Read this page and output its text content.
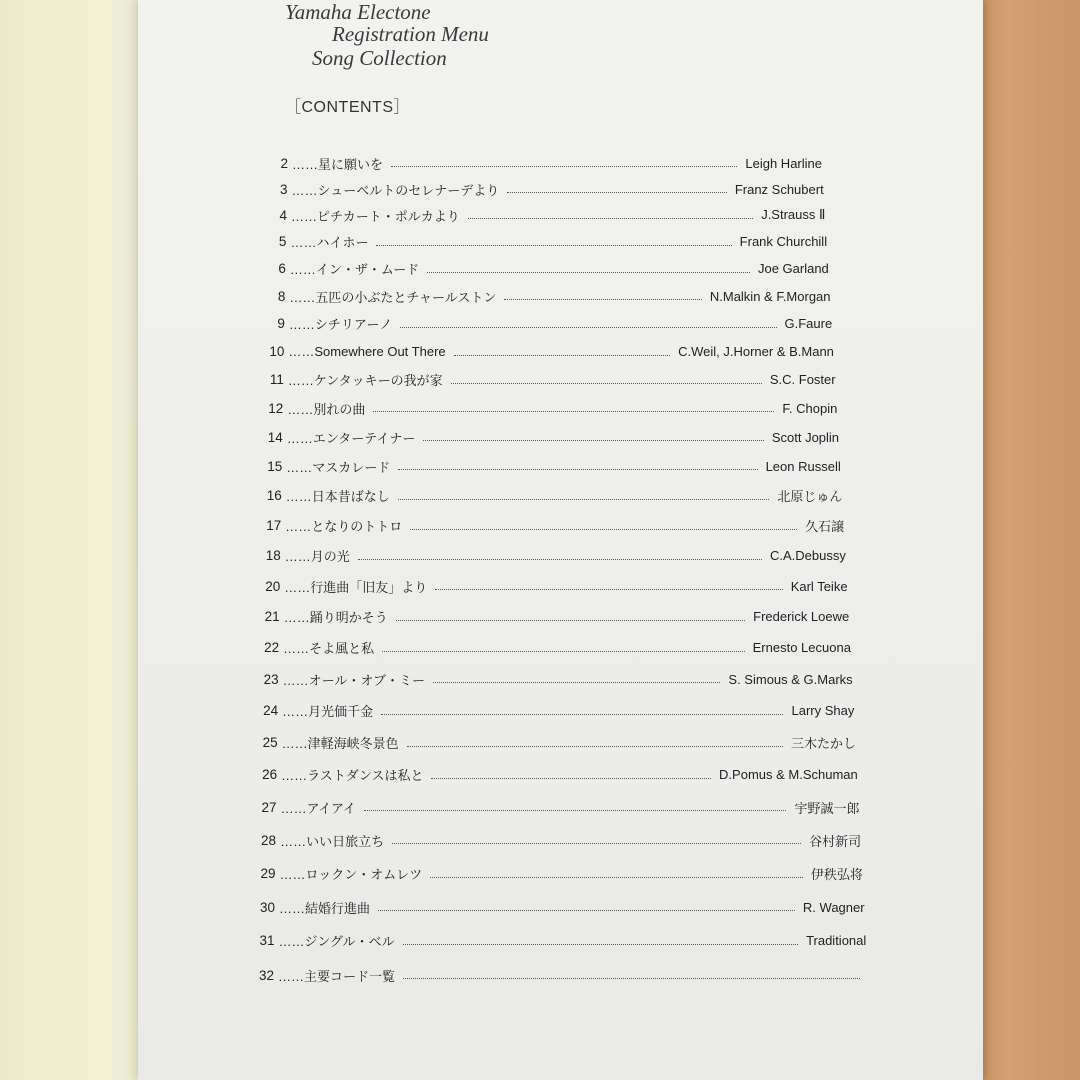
Yamaha Electone
Registration Menu
Song Collection
［CONTENTS］
2 ……星に願いを	Leigh Harline
3 ……シューベルトのセレナーデより	Franz Schubert
4 ……ピチカート・ポルカより	J.Strauss Ⅱ
5 ……ハイホー	Frank Churchill
6 ……イン・ザ・ムード	Joe Garland
8 ……五匹の小ぶたとチャールストン	N.Malkin & F.Morgan
9 ……シチリアーノ	G.Faure
10 ……Somewhere Out There	C.Weil, J.Horner & B.Mann
11 ……ケンタッキーの我が家	S.C. Foster
12 ……別れの曲	F. Chopin
14 ……エンターテイナー	Scott Joplin
15 ……マスカレード	Leon Russell
16 ……日本昔ばなし	北原じゅん
17 ……となりのトトロ	久石譲
18 ……月の光	C.A.Debussy
20 ……行進曲「旧友」より	Karl Teike
21 ……踊り明かそう	Frederick Loewe
22 ……そよ風と私	Ernesto Lecuona
23 ……オール・オブ・ミー	S. Simous & G.Marks
24 ……月光価千金	Larry Shay
25 ……津軽海峡冬景色	三木たかし
26 ……ラストダンスは私と	D.Pomus & M.Schuman
27 ……アイアイ	宇野誠一郎
28 ……いい日旅立ち	谷村新司
29 ……ロックン・オムレツ	伊秩弘将
30 ……結婚行進曲	R. Wagner
31 ……ジングル・ベル	Traditional
32 ……主要コード一覧
